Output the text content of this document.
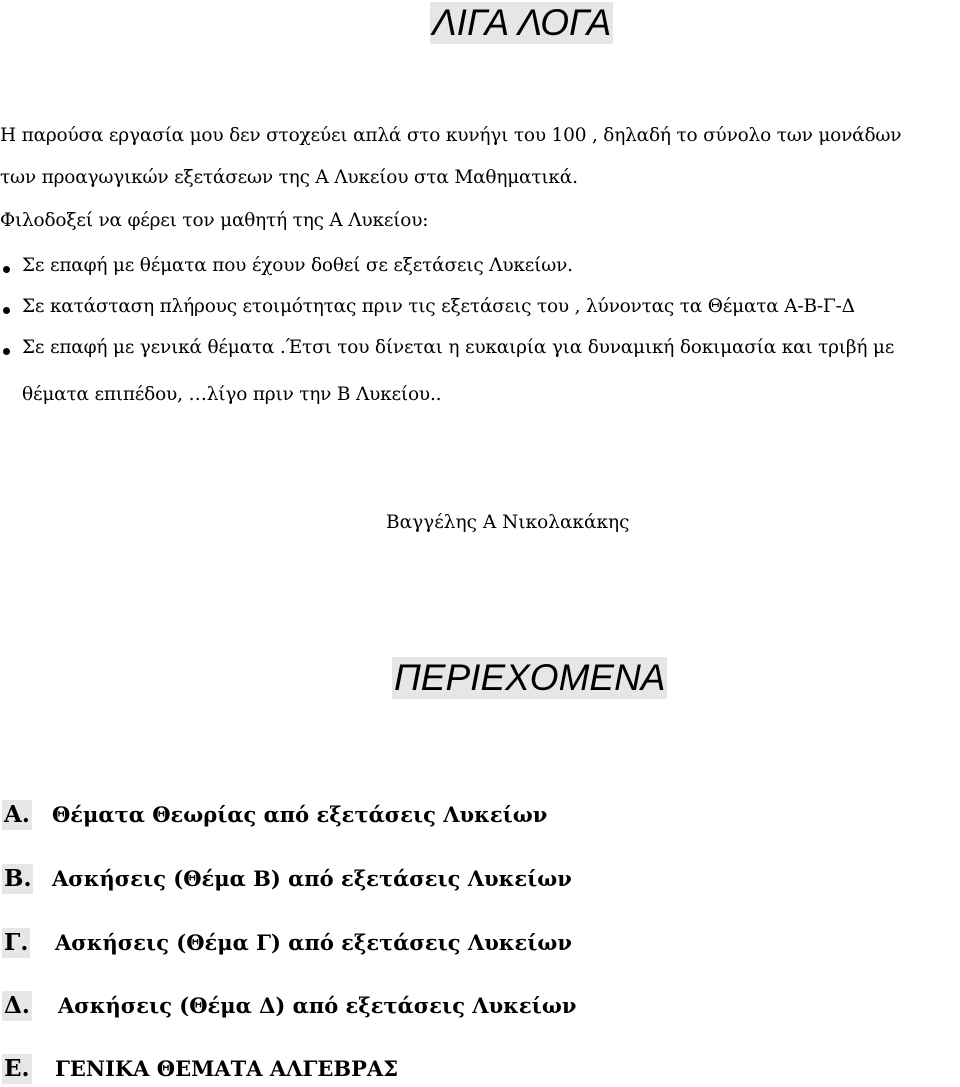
ΛΙΓΑ ΛΟΓΑ
Η παρούσα εργασία μου δεν στοχεύει απλά στο κυνήγι του 100 , δηλαδή το σύνολο των μονάδων
των προαγωγικών εξετάσεων της Α Λυκείου στα Μαθηματικά.
Φιλοδοξεί να φέρει τον μαθητή της Α Λυκείου:
Σε επαφή με θέματα που έχουν δοθεί σε εξετάσεις Λυκείων.
Σε κατάσταση πλήρους ετοιμότητας πριν τις εξετάσεις του , λύνοντας τα Θέματα Α-Β-Γ-Δ
Σε επαφή με γενικά θέματα .Έτσι του δίνεται η ευκαιρία για δυναμική δοκιμασία και τριβή με
θέματα επιπέδου, …λίγο πριν την Β Λυκείου..
Βαγγέλης Α Νικολακάκης
ΠΕΡΙΕΧΟΜΕΝΑ
Α. Θέματα Θεωρίας από εξετάσεις Λυκείων
Β. Ασκήσεις (Θέμα Β) από εξετάσεις Λυκείων
Γ. Ασκήσεις (Θέμα Γ) από εξετάσεις Λυκείων
Δ. Ασκήσεις (Θέμα Δ) από εξετάσεις Λυκείων
Ε. ΓΕΝΙΚΑ ΘΕΜΑΤΑ ΑΛΓΕΒΡΑΣ
